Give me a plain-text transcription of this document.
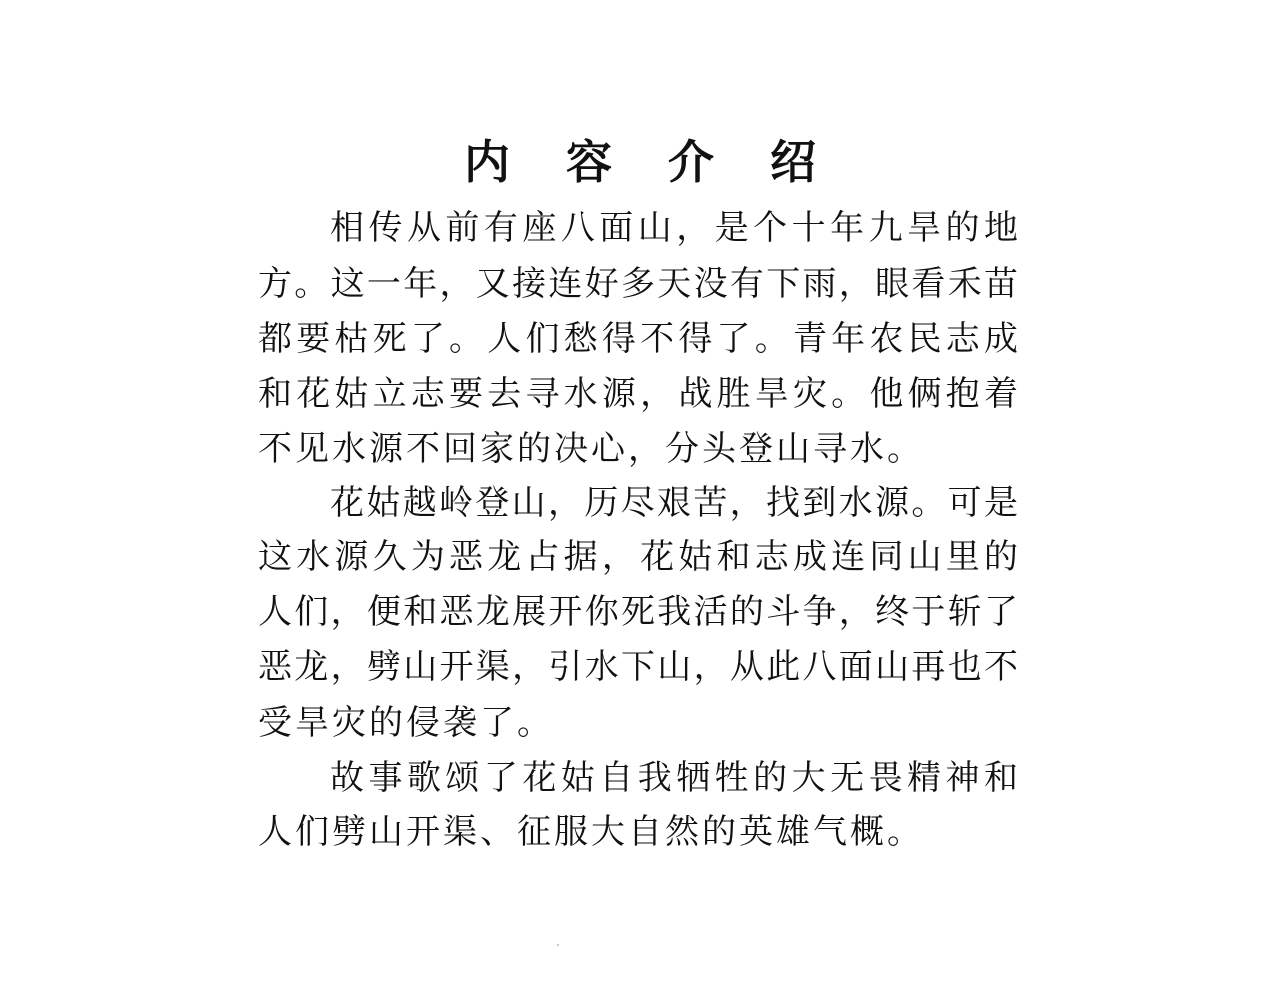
内容介绍
相传从前有座八面山，是个十年九旱的地
方。这一年，又接连好多天没有下雨，眼看禾苗
都要枯死了。人们愁得不得了。青年农民志成
和花姑立志要去寻水源，战胜旱灾。他俩抱着
不见水源不回家的决心，分头登山寻水。
花姑越岭登山，历尽艰苦，找到水源。可是
这水源久为恶龙占据，花姑和志成连同山里的
人们，便和恶龙展开你死我活的斗争，终于斩了
恶龙，劈山开渠，引水下山，从此八面山再也不
受旱灾的侵袭了。
故事歌颂了花姑自我牺牲的大无畏精神和
人们劈山开渠、征服大自然的英雄气概。
